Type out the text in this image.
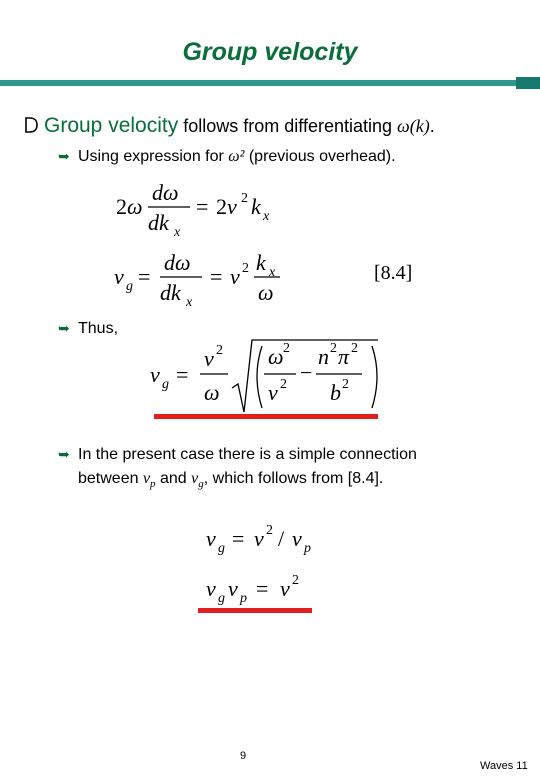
Group velocity
Group velocity follows from differentiating ω(k).
➥ Using expression for ω² (previous overhead).
2ω
dω
dk x
= 2v 2 k x
v g =
dω
dk x
= v 2 k x
ω
[8.4]
➥ Thus,
v g =
v 2
ω
ω 2
v 2 −
n 2 π 2
b 2
➥ In the present case there is a simple connection
between $v_p$ and $v_g$, which follows from [8.4].
v g = v 2 / v p
v g v p = v 2
9
Waves 11
